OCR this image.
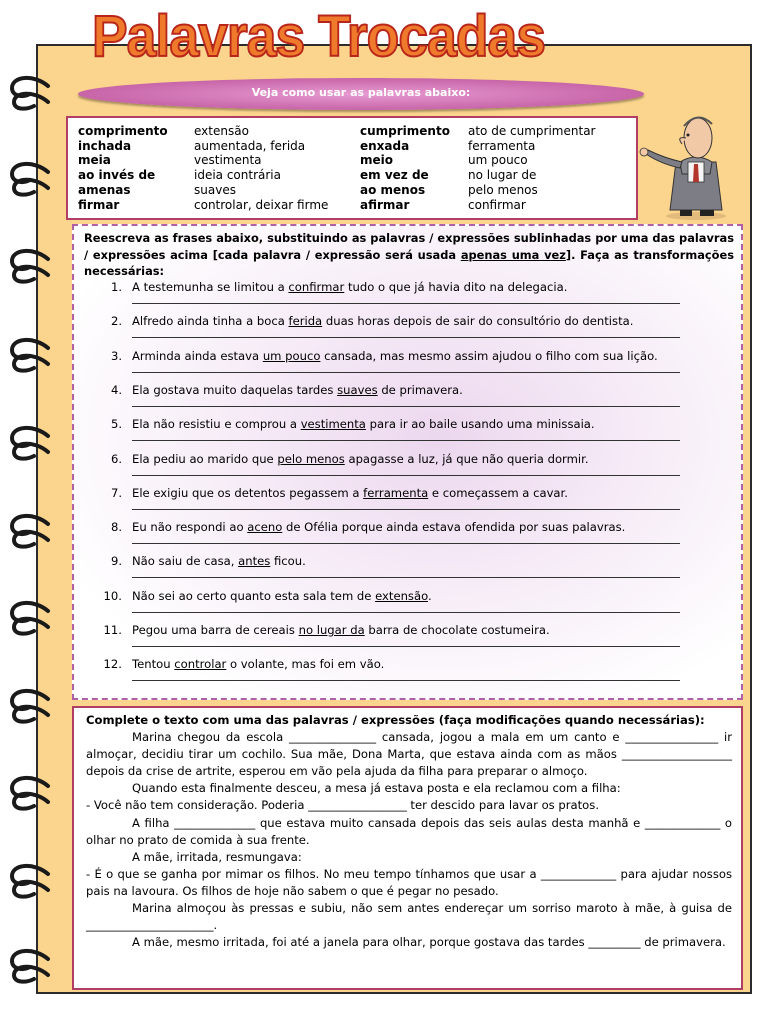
Palavras Trocadas
Veja como usar as palavras abaixo:
comprimento
inchada
meia
ao invés de
amenas
firmar
extensão
aumentada, ferida
vestimenta
ideia contrária
suaves
controlar, deixar firme
cumprimento
enxada
meio
em vez de
ao menos
afirmar
ato de cumprimentar
ferramenta
um pouco
no lugar de
pelo menos
confirmar
Reescreva as frases abaixo, substituindo as palavras / expressões sublinhadas por uma das palavras / expressões acima [cada palavra / expressão será usada apenas uma vez]. Faça as transformações necessárias:
1. A testemunha se limitou a confirmar tudo o que já havia dito na delegacia.
2. Alfredo ainda tinha a boca ferida duas horas depois de sair do consultório do dentista.
3. Arminda ainda estava um pouco cansada, mas mesmo assim ajudou o filho com sua lição.
4. Ela gostava muito daquelas tardes suaves de primavera.
5. Ela não resistiu e comprou a vestimenta para ir ao baile usando uma minissaia.
6. Ela pediu ao marido que pelo menos apagasse a luz, já que não queria dormir.
7. Ele exigiu que os detentos pegassem a ferramenta e começassem a cavar.
8. Eu não respondi ao aceno de Ofélia porque ainda estava ofendida por suas palavras.
9. Não saiu de casa, antes ficou.
10. Não sei ao certo quanto esta sala tem de extensão.
11. Pegou uma barra de cereais no lugar da barra de chocolate costumeira.
12. Tentou controlar o volante, mas foi em vão.

Complete o texto com uma das palavras / expressões (faça modificações quando necessárias):

Marina chegou da escola _______________ cansada, jogou a mala em um canto e ________________ ir almoçar, decidiu tirar um cochilo. Sua mãe, Dona Marta, que estava ainda com as mãos ___________________ depois da crise de artrite, esperou em vão pela ajuda da filha para preparar o almoço.

Quando esta finalmente desceu, a mesa já estava posta e ela reclamou com a filha:

- Você não tem consideração. Poderia _________________ ter descido para lavar os pratos.

A filha ______________ que estava muito cansada depois das seis aulas desta manhã e _____________ o olhar no prato de comida à sua frente.

A mãe, irritada, resmungava:

- É o que se ganha por mimar os filhos. No meu tempo tínhamos que usar a _____________ para ajudar nossos pais na lavoura. Os filhos de hoje não sabem o que é pegar no pesado.

Marina almoçou às pressas e subiu, não sem antes endereçar um sorriso maroto à mãe, à guisa de ______________________.

A mãe, mesmo irritada, foi até a janela para olhar, porque gostava das tardes _________ de primavera.
